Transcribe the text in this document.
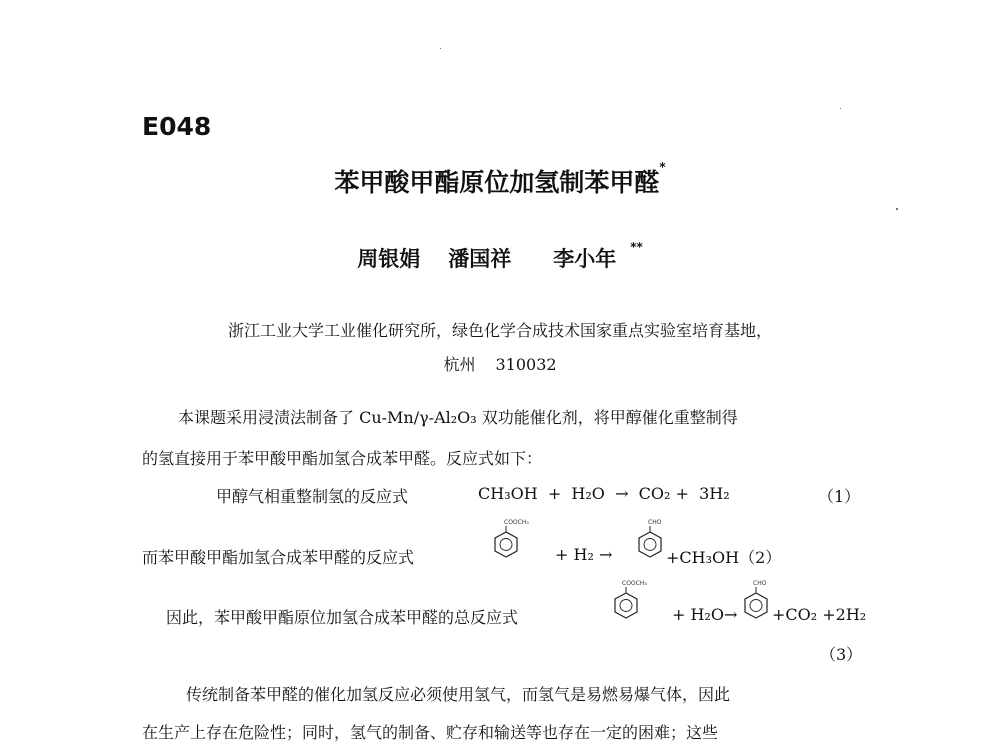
E048
苯甲酸甲酯原位加氢制苯甲醛*
周银娟 潘国祥 李小年 **
浙江工业大学工业催化研究所，绿色化学合成技术国家重点实验室培育基地，
杭州 310032
本课题采用浸渍法制备了 Cu-Mn/γ-Al₂O₃ 双功能催化剂，将甲醇催化重整制得
的氢直接用于苯甲酸甲酯加氢合成苯甲醛。反应式如下：
甲醇气相重整制氢的反应式	CH₃OH  +  H₂O  →  CO₂ +  3H₂	（1）
而苯甲酸甲酯加氢合成苯甲醛的反应式
COOCH₃
+ H₂ →
CHO
+CH₃OH（2）
因此，苯甲酸甲酯原位加氢合成苯甲醛的总反应式
COOCH₃
+ H₂O→
CHO
+CO₂ +2H₂
（3）
传统制备苯甲醛的催化加氢反应必须使用氢气，而氢气是易燃易爆气体，因此
在生产上存在危险性；同时，氢气的制备、贮存和输送等也存在一定的困难；这些
